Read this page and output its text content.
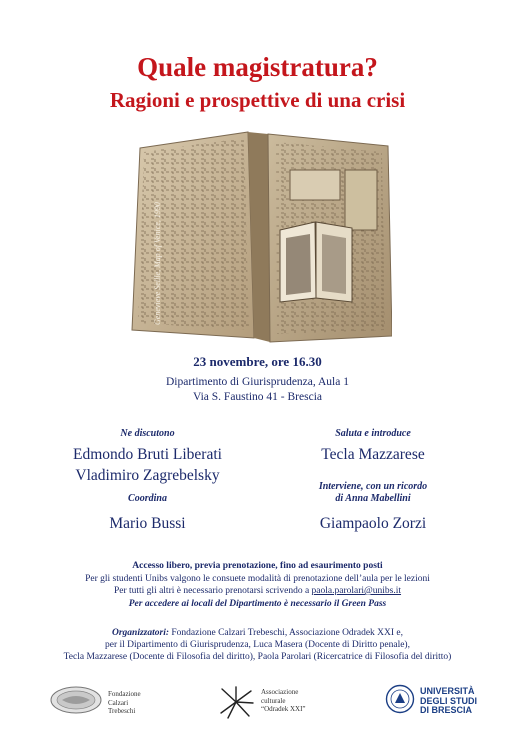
Quale magistratura?
Ragioni e prospettive di una crisi
Genevieve Seille, Map of Venice, 1990
23 novembre, ore 16.30
Dipartimento di Giurisprudenza, Aula 1
Via S. Faustino 41 - Brescia
Ne discutono
Edmondo Bruti Liberati
Vladimiro Zagrebelsky
Coordina
Mario Bussi
Saluta e introduce
Tecla Mazzarese
Interviene, con un ricordo
di Anna Mabellini
Giampaolo Zorzi
Accesso libero, previa prenotazione, fino ad esaurimento posti
Per gli studenti Unibs valgono le consuete modalità di prenotazione dell’aula per le lezioni
Per tutti gli altri è necessario prenotarsi scrivendo a paola.parolari@unibs.it
Per accedere ai locali del Dipartimento è necessario il Green Pass
Organizzatori: Fondazione Calzari Trebeschi, Associazione Odradek XXI e,
per il Dipartimento di Giurisprudenza, Luca Masera (Docente di Diritto penale),
Tecla Mazzarese (Docente di Filosofia del diritto), Paola Parolari (Ricercatrice di Filosofia del diritto)
Fondazione
Calzari
Trebeschi
Associazione
culturale
“Odradek XXI”
UNIVERSITÀ
DEGLI STUDI
DI BRESCIA
